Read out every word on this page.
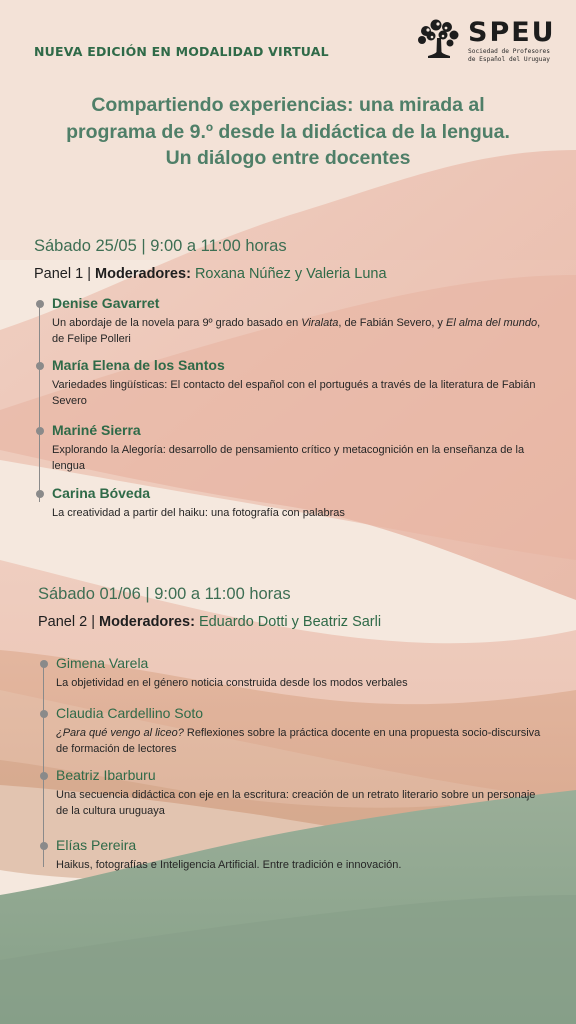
NUEVA EDICIÓN EN MODALIDAD VIRTUAL
SPEU
Sociedad de Profesores
de Español del Uruguay
Compartiendo experiencias: una mirada al
programa de 9.º desde la didáctica de la lengua.
Un diálogo entre docentes
Sábado 25/05 | 9:00 a 11:00 horas
Panel 1 | Moderadores: Roxana Núñez y Valeria Luna
Denise Gavarret
Un abordaje de la novela para 9º grado basado en Viralata, de Fabián Severo, y El alma del mundo, de Felipe Polleri
María Elena de los Santos
Variedades lingüísticas: El contacto del español con el portugués a través de la literatura de Fabián Severo
Mariné Sierra
Explorando la Alegoría: desarrollo de pensamiento crítico y metacognición en la enseñanza de la lengua
Carina Bóveda
La creatividad a partir del haiku: una fotografía con palabras
Sábado 01/06 | 9:00 a 11:00 horas
Panel 2 | Moderadores: Eduardo Dotti y Beatriz Sarli
Gimena Varela
La objetividad en el género noticia construida desde los modos verbales
Claudia Cardellino Soto
¿Para qué vengo al liceo? Reflexiones sobre la práctica docente en una propuesta socio-discursiva de formación de lectores
Beatriz Ibarburu
Una secuencia didáctica con eje en la escritura: creación de un retrato literario sobre un personaje de la cultura uruguaya
Elías Pereira
Haikus, fotografías e Inteligencia Artificial. Entre tradición e innovación.
